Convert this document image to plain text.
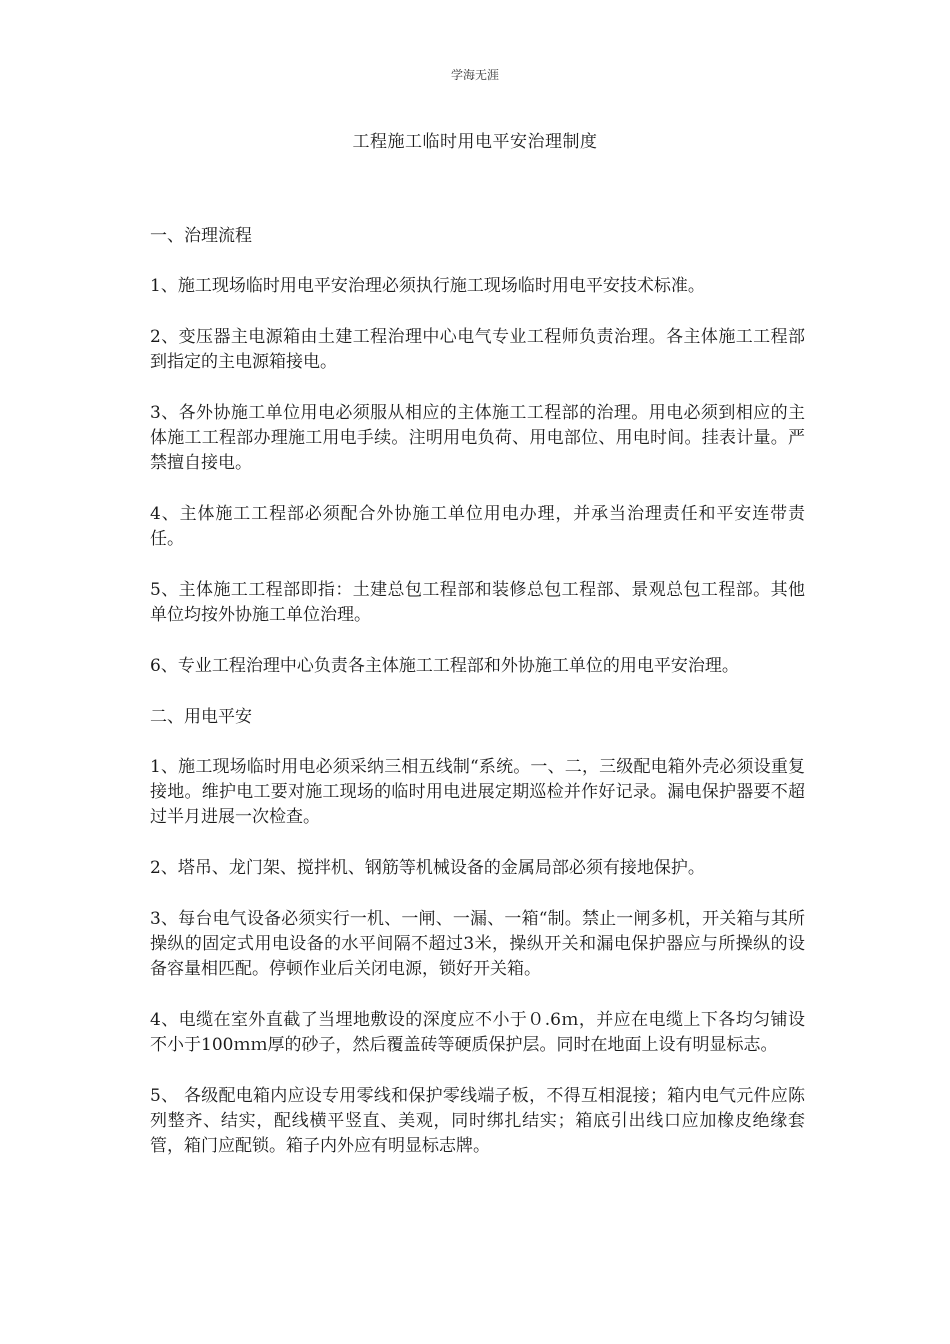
学海无涯
工程施工临时用电平安治理制度

一、治理流程

1、施工现场临时用电平安治理必须执行施工现场临时用电平安技术标准。

2、变压器主电源箱由土建工程治理中心电气专业工程师负责治理。各主体施工工程部到指定的主电源箱接电。

3、各外协施工单位用电必须服从相应的主体施工工程部的治理。用电必须到相应的主体施工工程部办理施工用电手续。注明用电负荷、用电部位、用电时间。挂表计量。严禁擅自接电。

4、主体施工工程部必须配合外协施工单位用电办理，并承当治理责任和平安连带责任。

5、主体施工工程部即指：土建总包工程部和装修总包工程部、景观总包工程部。其他单位均按外协施工单位治理。

6、专业工程治理中心负责各主体施工工程部和外协施工单位的用电平安治理。

二、用电平安

1、施工现场临时用电必须采纳三相五线制“系统。一、二，三级配电箱外壳必须设重复接地。维护电工要对施工现场的临时用电进展定期巡检并作好记录。漏电保护器要不超过半月进展一次检查。

2、塔吊、龙门架、搅拌机、钢筋等机械设备的金属局部必须有接地保护。

3、每台电气设备必须实行一机、一闸、一漏、一箱“制。禁止一闸多机，开关箱与其所操纵的固定式用电设备的水平间隔不超过3米，操纵开关和漏电保护器应与所操纵的设备容量相匹配。停顿作业后关闭电源，锁好开关箱。

4、电缆在室外直截了当埋地敷设的深度应不小于０.6ｍ，并应在电缆上下各均匀铺设不小于100ｍｍ厚的砂子，然后覆盖砖等硬质保护层。同时在地面上设有明显标志。

5、 各级配电箱内应设专用零线和保护零线端子板，不得互相混接；箱内电气元件应陈列整齐、结实，配线横平竖直、美观，同时绑扎结实；箱底引出线口应加橡皮绝缘套管，箱门应配锁。箱子内外应有明显标志牌。
